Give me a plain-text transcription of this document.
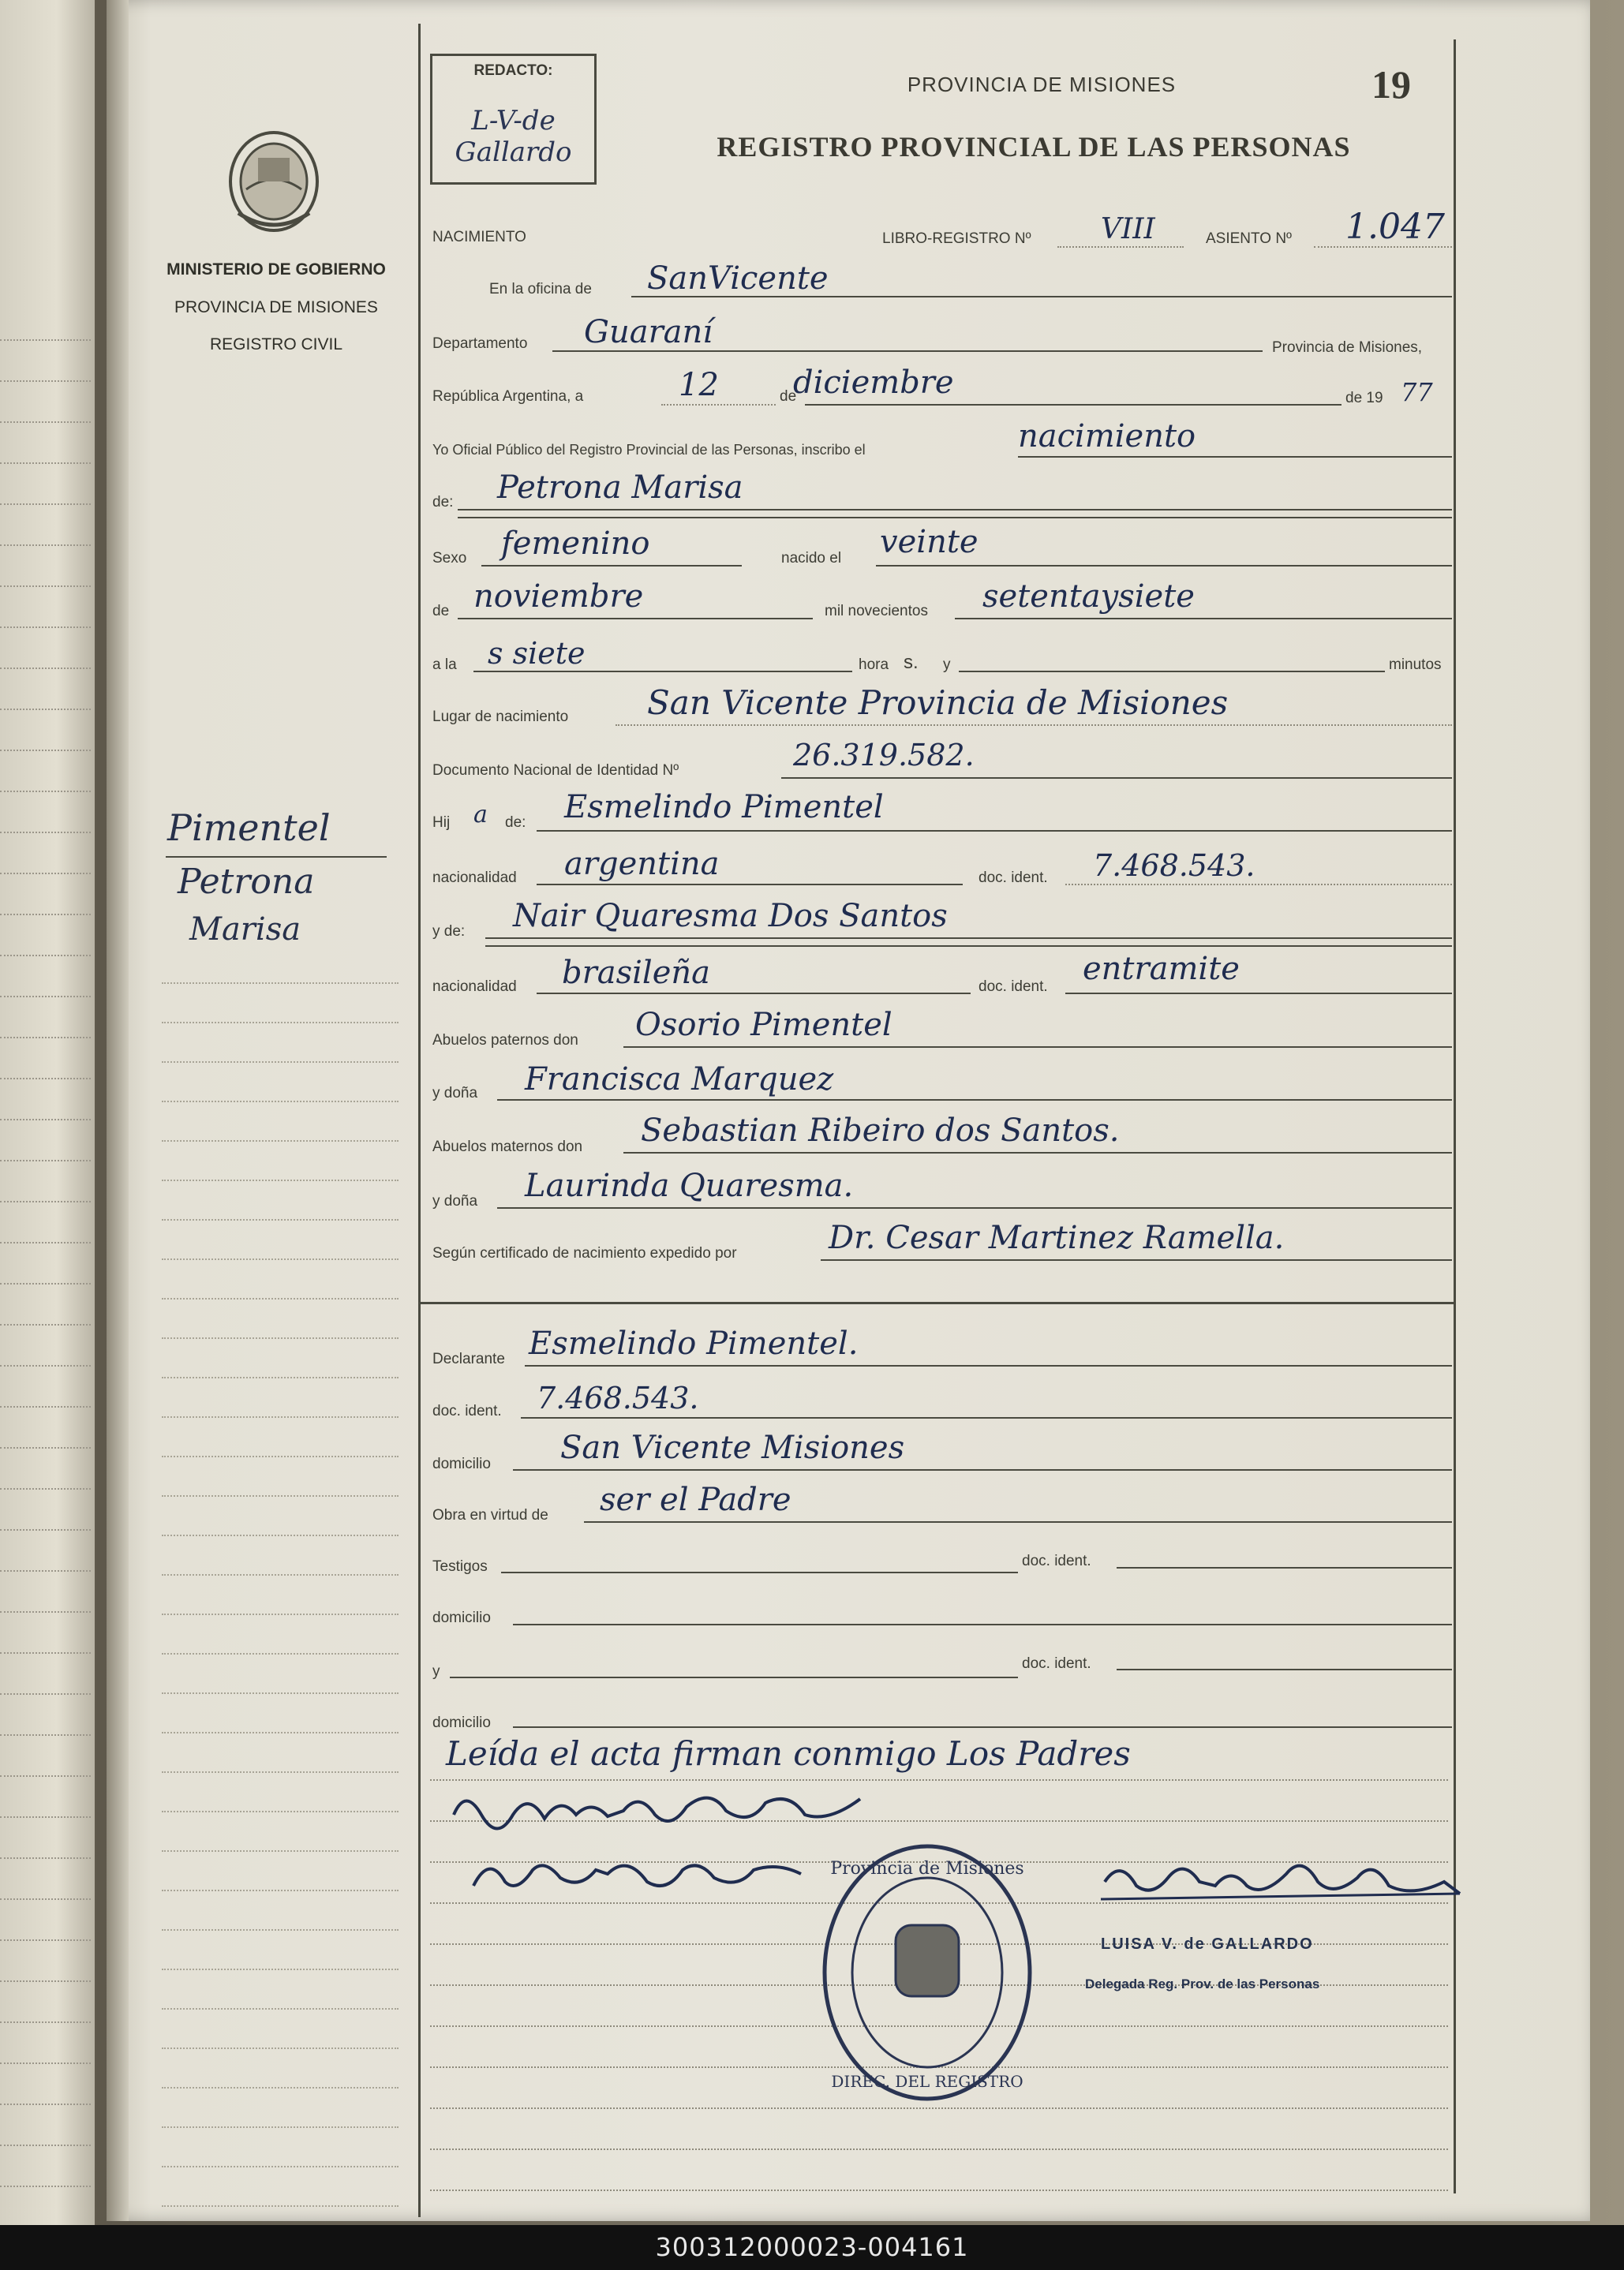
MINISTERIO DE GOBIERNO
PROVINCIA DE MISIONES
REGISTRO CIVIL
Pimentel
Petrona
Marisa
REDACTO:
L-V-de Gallardo
PROVINCIA DE MISIONES
REGISTRO PROVINCIAL DE LAS PERSONAS
19
NACIMIENTO	LIBRO-REGISTRO Nº VIII	ASIENTO Nº 1.047
En la oficina de SanVicente
Departamento Guaraní	Provincia de Misiones,
República Argentina, a	12	de
diciembre	de 19 77
Yo Oficial Público del Registro Provincial de las Personas, inscribo el	nacimiento
de: Petrona Marisa
Sexo femenino	nacido el veinte
de noviembre	mil novecientos setentaysiete
a la s siete	hora s. y	minutos
Lugar de nacimiento San Vicente Provincia de Misiones
Documento Nacional de Identidad Nº	26.319.582.
Hij a de: Esmelindo Pimentel
nacionalidad argentina	doc. ident. 7.468.543.
y de: Nair Quaresma Dos Santos
nacionalidad brasileña	doc. ident. entramite
Abuelos paternos don Osorio Pimentel
y doña Francisca Marquez
Abuelos maternos don Sebastian Ribeiro dos Santos.
y doña Laurinda Quaresma.
Según certificado de nacimiento expedido por	Dr. Cesar Martinez Ramella.
Declarante Esmelindo Pimentel.
doc. ident. 7.468.543.
domicilio San Vicente Misiones
Obra en virtud de ser el Padre
Testigos	doc. ident.
domicilio
y	doc. ident.
domicilio
Leída el acta firman conmigo Los Padres
Provincia de Misiones
DIREC. DEL REGISTRO
LUISA V. de GALLARDO
Delegada Reg. Prov. de las Personas
300312000023-004161
